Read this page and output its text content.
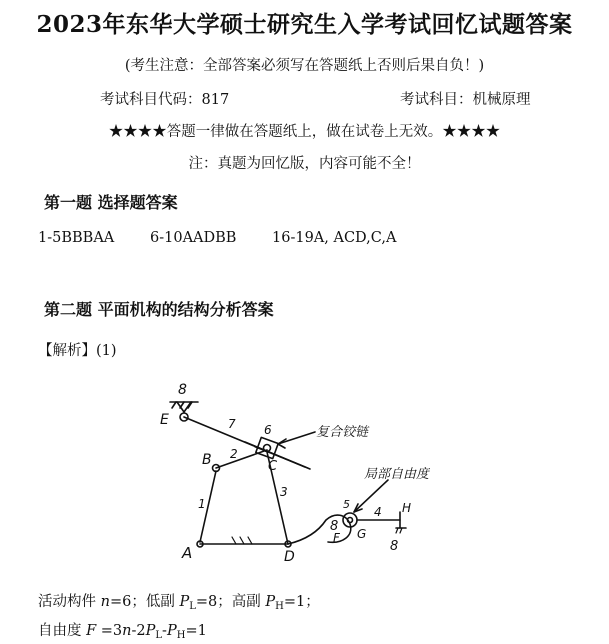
2023年东华大学硕士研究生入学考试回忆试题答案
(考生注意：全部答案必须写在答题纸上否则后果自负！)
考试科目代码：817	考试科目：机械原理
★★★★答题一律做在答题纸上，做在试卷上无效。★★★★
注：真题为回忆版，内容可能不全！
第一题 选择题答案
1-5BBBAA 6-10AADBB 16-19A, ACD,C,A
第二题 平面机构的结构分析答案
【解析】(1)
8
E	7 6
B 2
C
1
3
A	D
F G
5
4 H
8
8
复合铰链
局部自由度
活动构件 n=6；低副 $P_L=8$；高副 $P_H=1$；
自由度 $F =3n-2P_L-P_H=1$
